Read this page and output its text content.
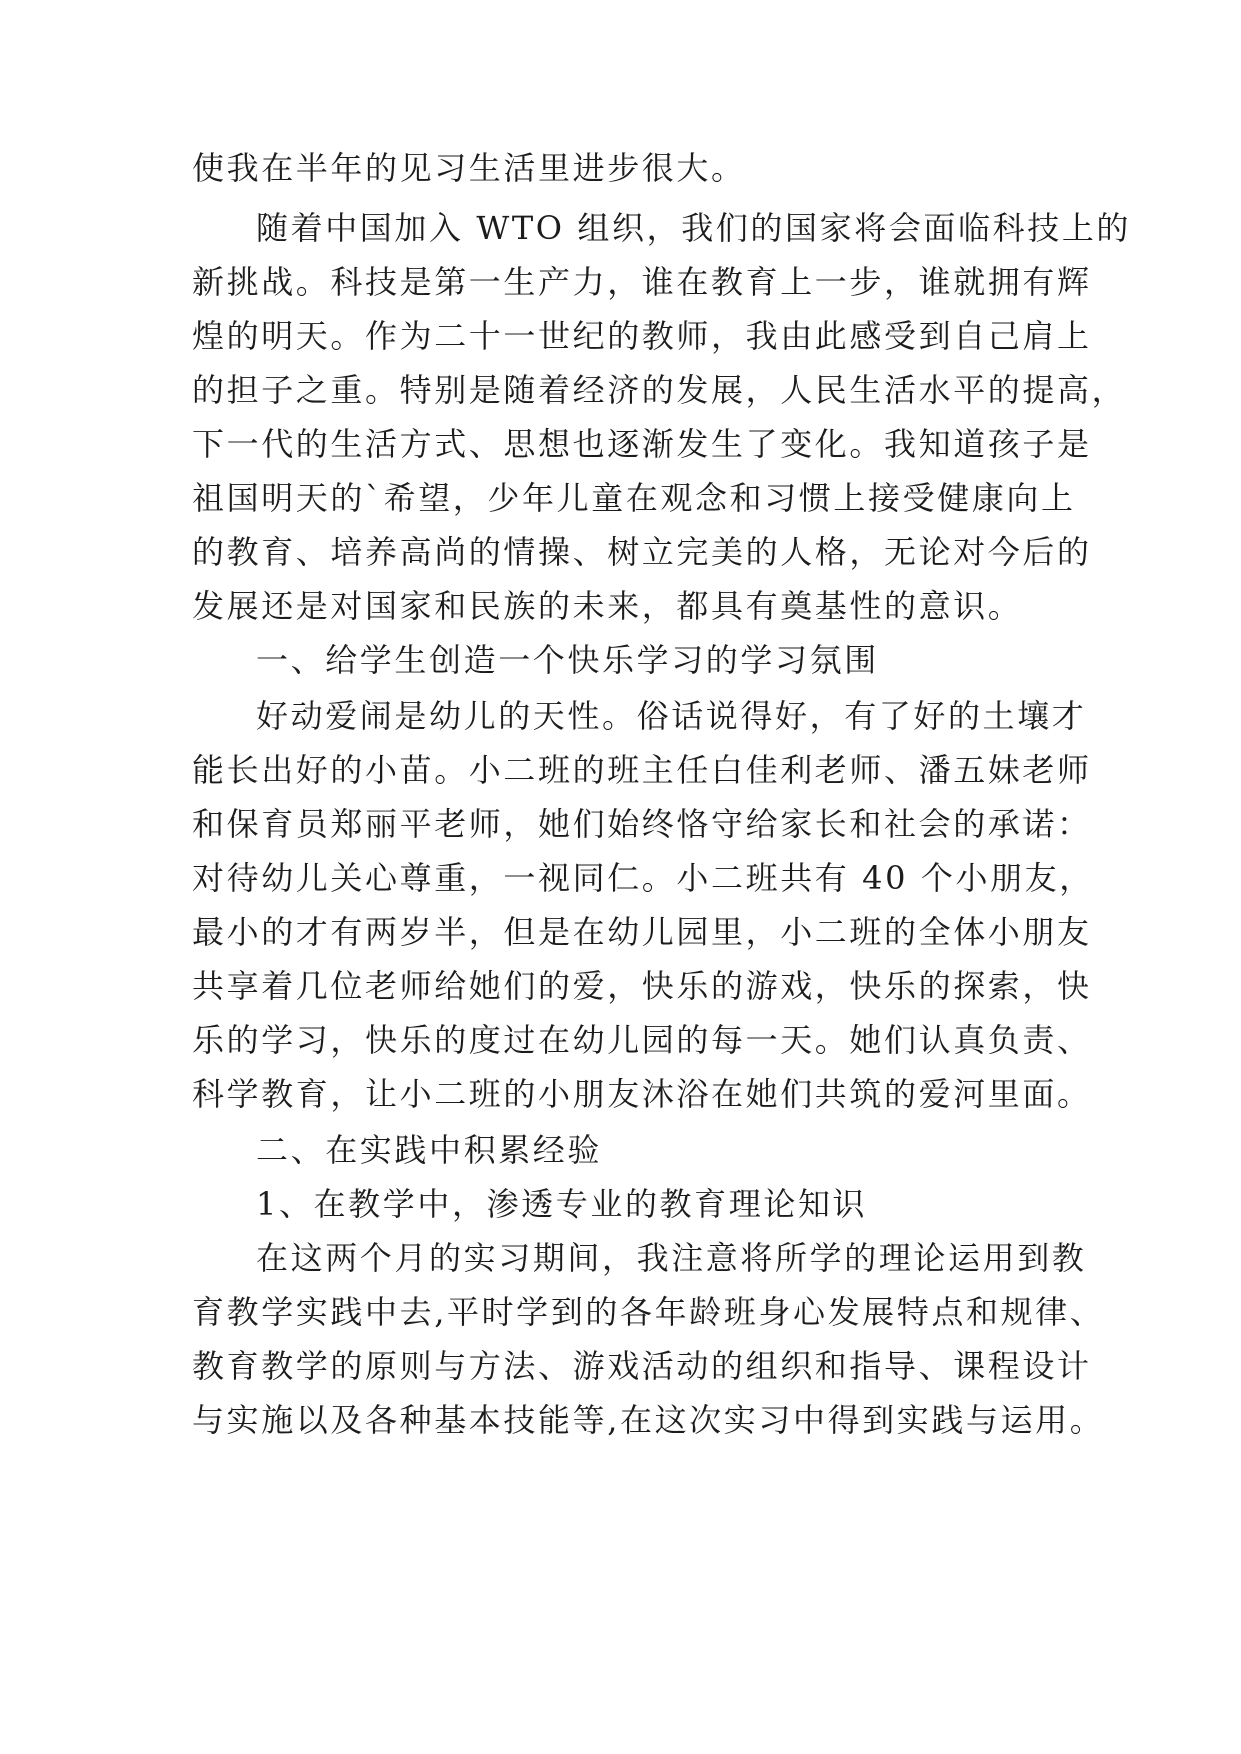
使我在半年的见习生活里进步很大。
随着中国加入 WTO 组织，我们的国家将会面临科技上的
新挑战。科技是第一生产力，谁在教育上一步，谁就拥有辉
煌的明天。作为二十一世纪的教师，我由此感受到自己肩上
的担子之重。特别是随着经济的发展，人民生活水平的提高，
下一代的生活方式、思想也逐渐发生了变化。我知道孩子是
祖国明天的`希望，少年儿童在观念和习惯上接受健康向上
的教育、培养高尚的情操、树立完美的人格，无论对今后的
发展还是对国家和民族的未来，都具有奠基性的意识。
一、给学生创造一个快乐学习的学习氛围
好动爱闹是幼儿的天性。俗话说得好，有了好的土壤才
能长出好的小苗。小二班的班主任白佳利老师、潘五妹老师
和保育员郑丽平老师，她们始终恪守给家长和社会的承诺：
对待幼儿关心尊重，一视同仁。小二班共有 40 个小朋友，
最小的才有两岁半，但是在幼儿园里，小二班的全体小朋友
共享着几位老师给她们的爱，快乐的游戏，快乐的探索，快
乐的学习，快乐的度过在幼儿园的每一天。她们认真负责、
科学教育，让小二班的小朋友沐浴在她们共筑的爱河里面。
二、在实践中积累经验
1、在教学中，渗透专业的教育理论知识
在这两个月的实习期间，我注意将所学的理论运用到教
育教学实践中去,平时学到的各年龄班身心发展特点和规律、
教育教学的原则与方法、游戏活动的组织和指导、课程设计
与实施以及各种基本技能等,在这次实习中得到实践与运用。
